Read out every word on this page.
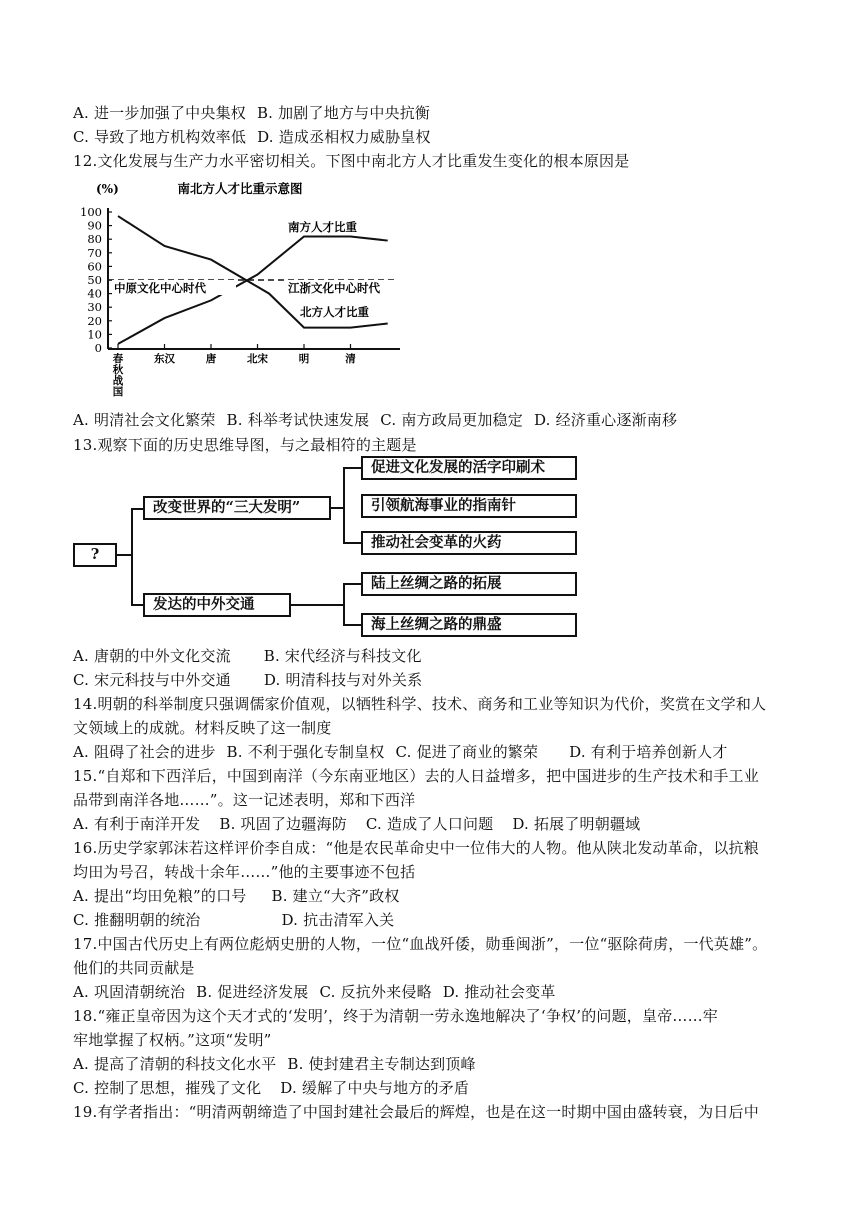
A. 进一步加强了中央集权 B. 加剧了地方与中央抗衡
C. 导致了地方机构效率低 D. 造成丞相权力威胁皇权
12.文化发展与生产力水平密切相关。下图中南北方人才比重发生变化的根本原因是
南北方人才比重示意图
(%)
100
90
80
70
60
50
40
30
20
10
0
春
秋
战
国
东汉	唐	北宋	明	清
南方人才比重
北方人才比重
中原文化中心时代	江浙文化中心时代
A. 明清社会文化繁荣 B. 科举考试快速发展 C. 南方政局更加稳定 D. 经济重心逐渐南移
13.观察下面的历史思维导图，与之最相符的主题是
?
改变世界的“三大发明”
发达的中外交通
促进文化发展的活字印刷术
引领航海事业的指南针
推动社会变革的火药
陆上丝绸之路的拓展
海上丝绸之路的鼎盛
A. 唐朝的中外文化交流 B. 宋代经济与科技文化
C. 宋元科技与中外交通 D. 明清科技与对外关系
14.明朝的科举制度只强调儒家价值观，以牺牲科学、技术、商务和工业等知识为代价，奖赏在文学和人
文领域上的成就。材料反映了这一制度
A. 阻碍了社会的进步 B. 不利于强化专制皇权 C. 促进了商业的繁荣 D. 有利于培养创新人才
15.“自郑和下西洋后，中国到南洋（今东南亚地区）去的人日益增多，把中国进步的生产技术和手工业
品带到南洋各地……”。这一记述表明，郑和下西洋
A. 有利于南洋开发 B. 巩固了边疆海防 C. 造成了人口问题 D. 拓展了明朝疆域
16.历史学家郭沫若这样评价李自成：“他是农民革命史中一位伟大的人物。他从陕北发动革命，以抗粮
均田为号召，转战十余年……”他的主要事迹不包括
A. 提出“均田免粮”的口号 B. 建立“大齐”政权
C. 推翻明朝的统治	D. 抗击清军入关
17.中国古代历史上有两位彪炳史册的人物，一位“血战歼倭，勋垂闽浙”，一位“驱除荷虏，一代英雄”。
他们的共同贡献是
A. 巩固清朝统治 B. 促进经济发展 C. 反抗外来侵略 D. 推动社会变革
18.“雍正皇帝因为这个天才式的‘发明’，终于为清朝一劳永逸地解决了‘争权’的问题，皇帝……牢
牢地掌握了权柄。”这项“发明”
A. 提高了清朝的科技文化水平 B. 使封建君主专制达到顶峰
C. 控制了思想，摧残了文化 D. 缓解了中央与地方的矛盾
19.有学者指出：“明清两朝缔造了中国封建社会最后的辉煌，也是在这一时期中国由盛转衰，为日后中
